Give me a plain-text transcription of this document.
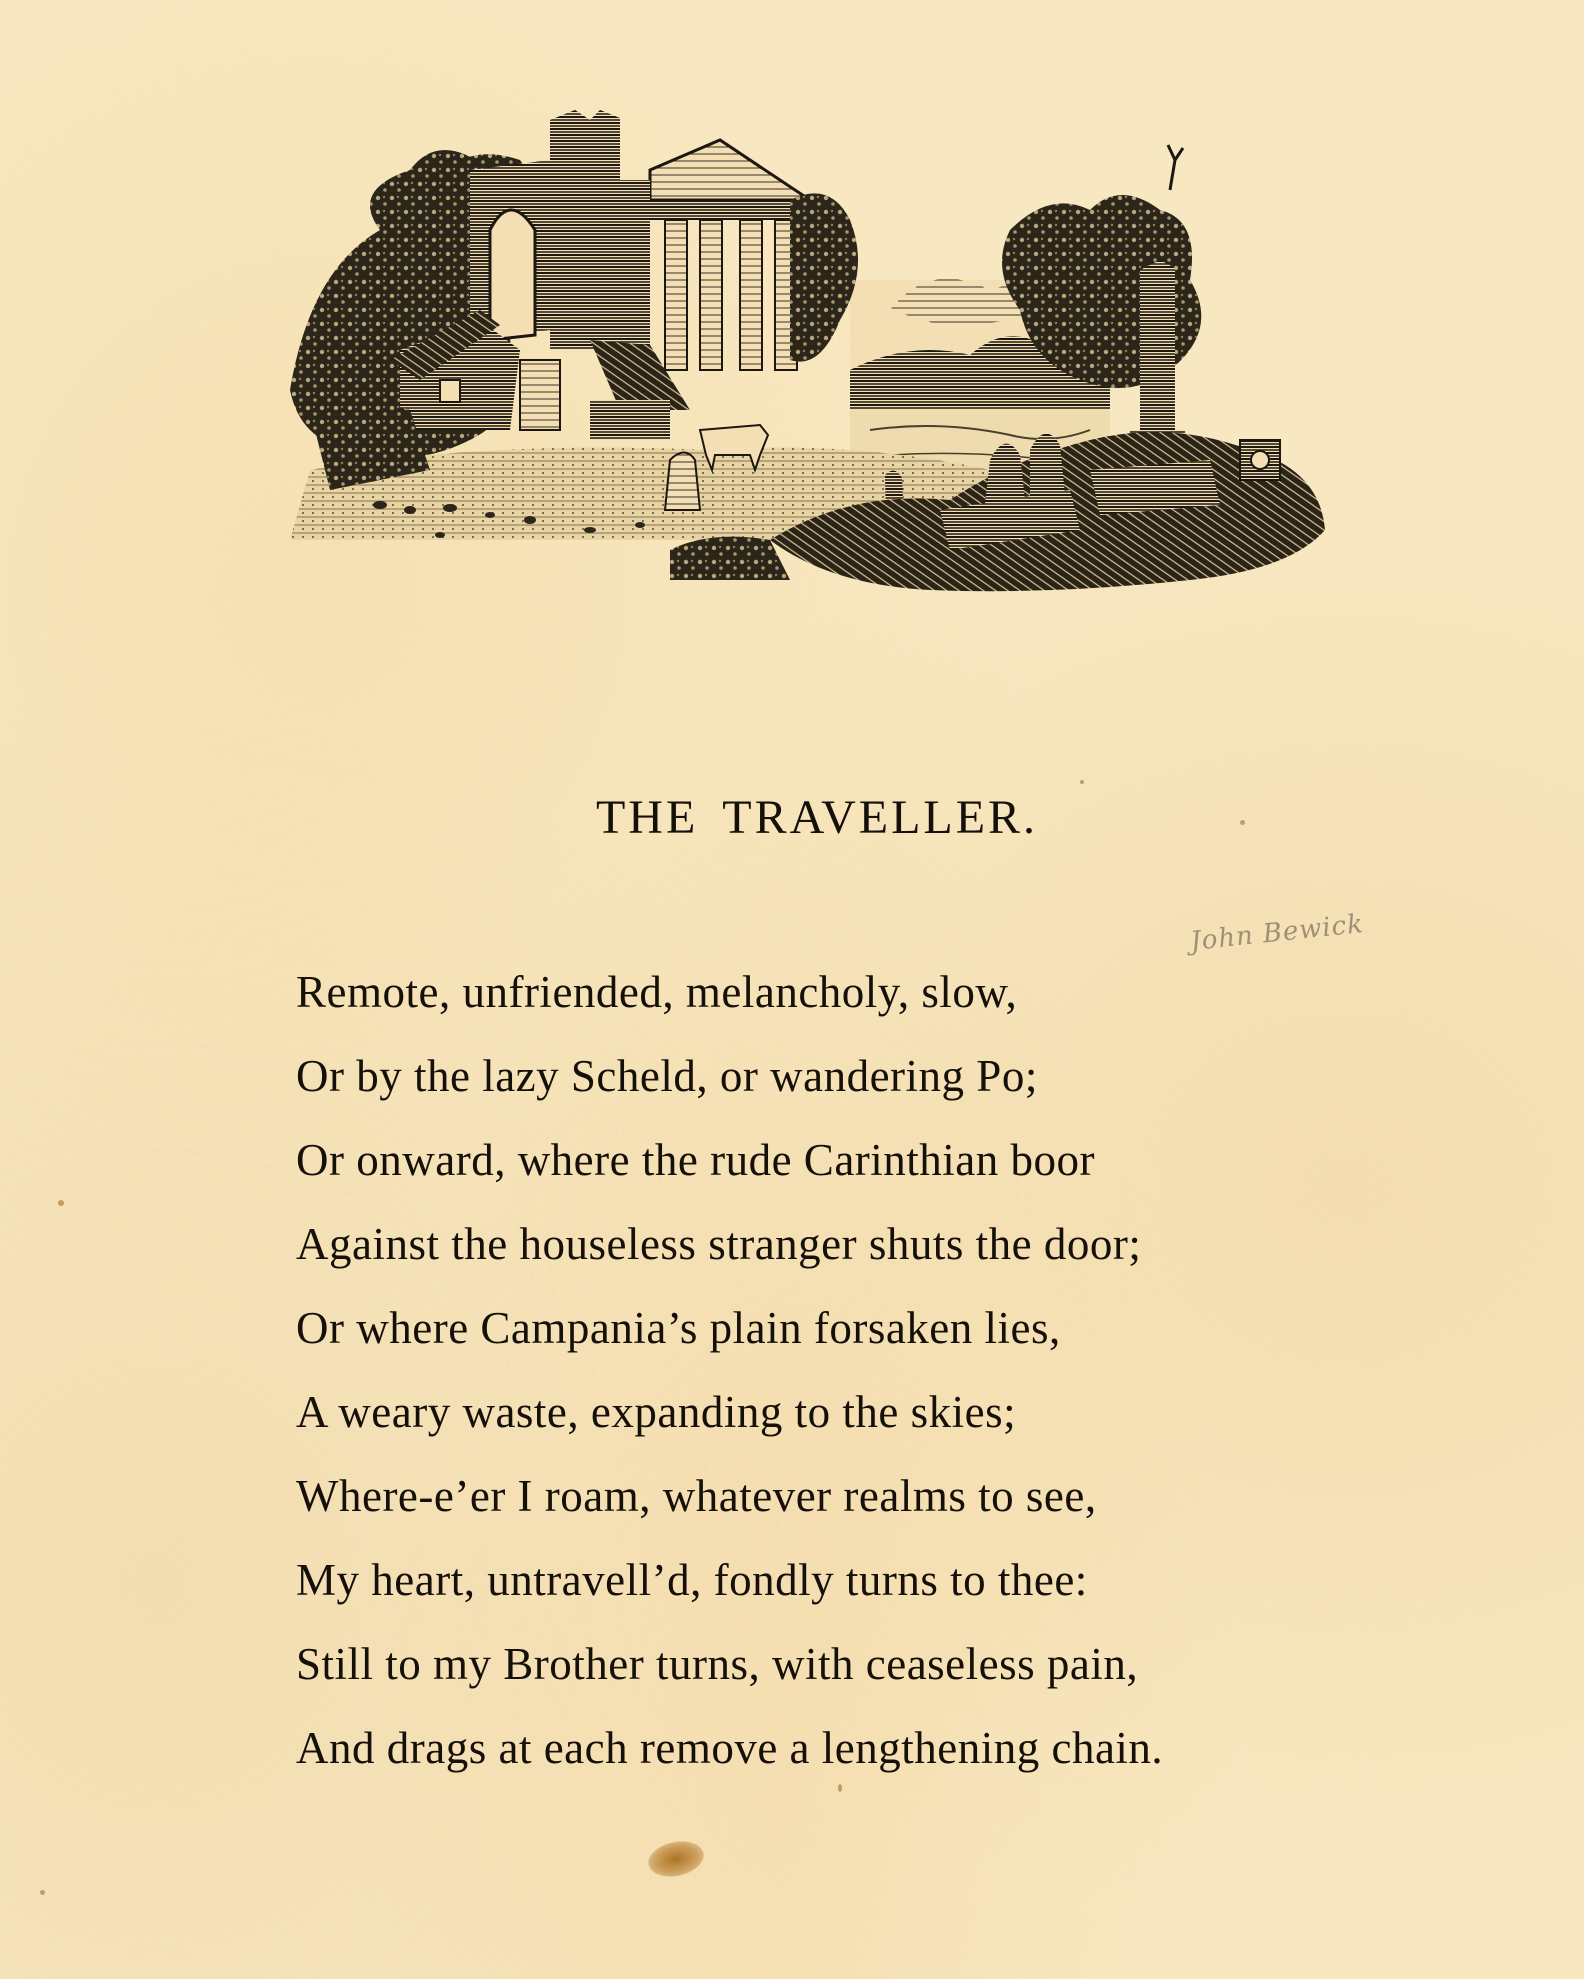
THE TRAVELLER.
John Bewick
Remote, unfriended, melancholy, slow,
Or by the lazy Scheld, or wandering Po;
Or onward, where the rude Carinthian boor
Against the houseless stranger shuts the door;
Or where Campania’s plain forsaken lies,
A weary waste, expanding to the skies;
Where-e’er I roam, whatever realms to see,
My heart, untravell’d, fondly turns to thee:
Still to my Brother turns, with ceaseless pain,
And drags at each remove a lengthening chain.
